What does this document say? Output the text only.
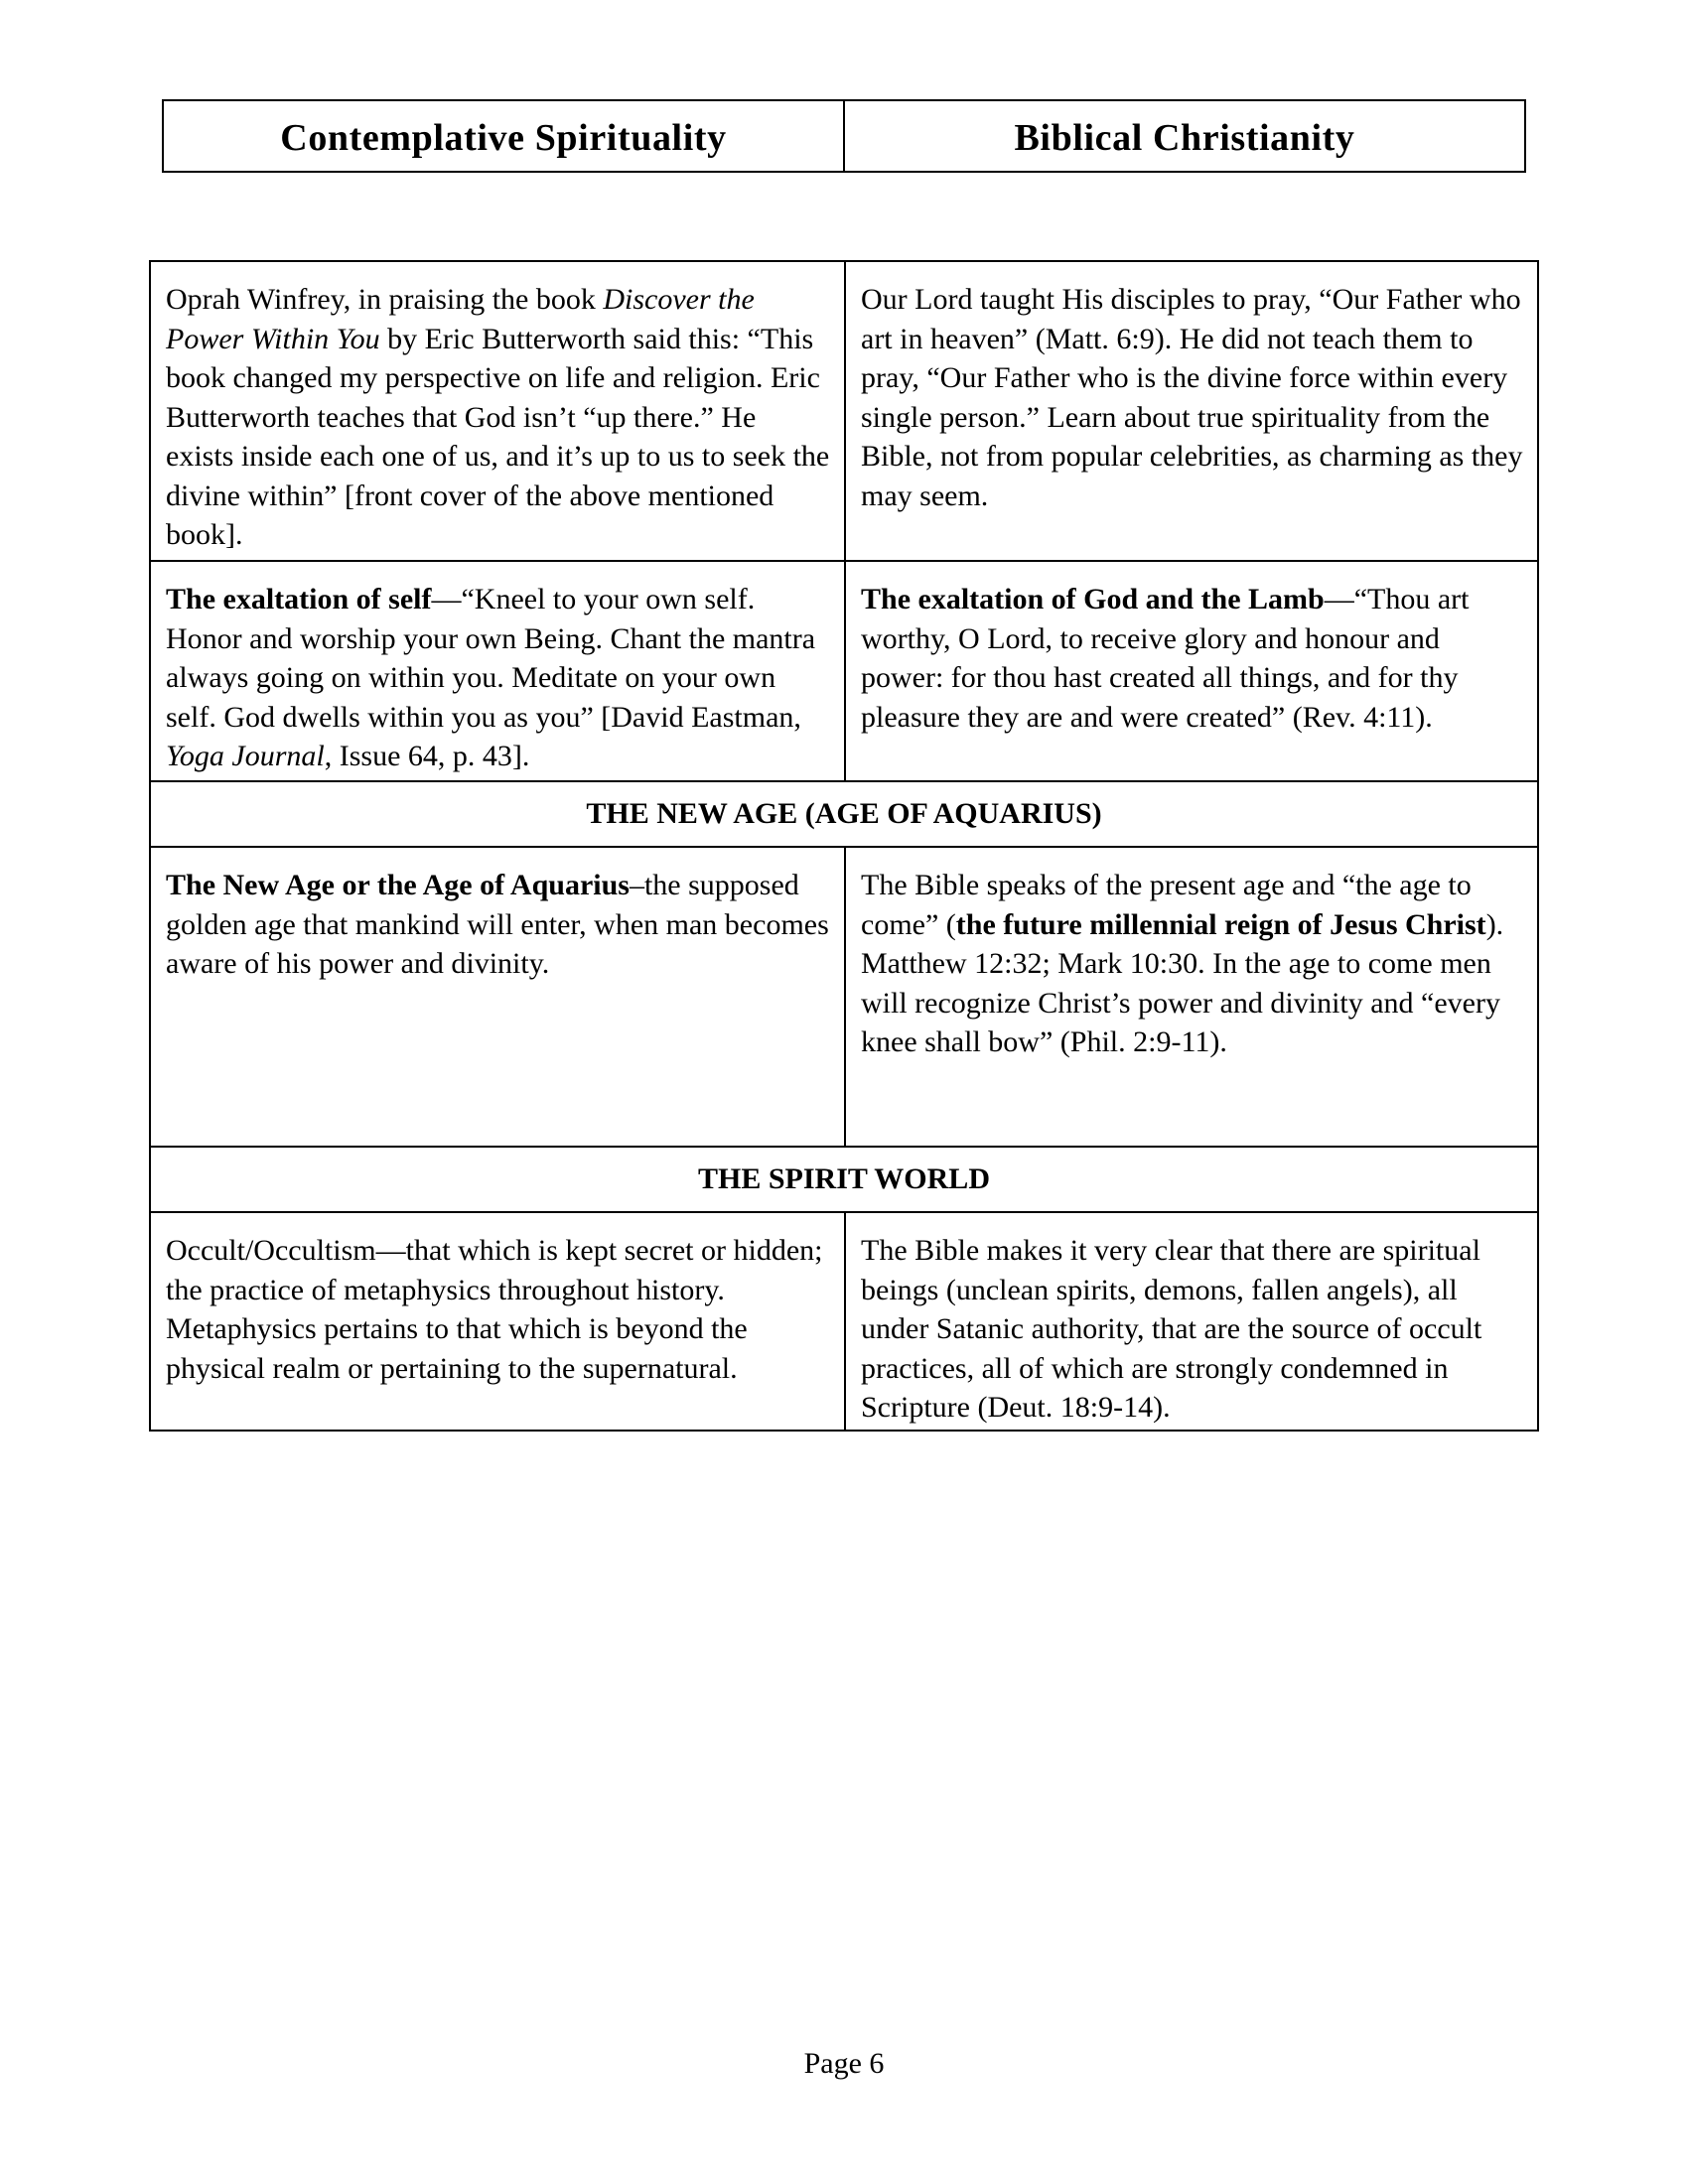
Contemplative Spirituality	Biblical Christianity
Oprah Winfrey, in praising the book Discover the Power Within You by Eric Butterworth said this: “This book changed my perspective on life and religion. Eric Butterworth teaches that God isn’t “up there.” He exists inside each one of us, and it’s up to us to seek the divine within” [front cover of the above mentioned book].
Our Lord taught His disciples to pray, “Our Father who art in heaven” (Matt. 6:9). He did not teach them to pray, “Our Father who is the divine force within every single person.” Learn about true spirituality from the Bible, not from popular celebrities, as charming as they may seem.
The exaltation of self—“Kneel to your own self. Honor and worship your own Being. Chant the mantra always going on within you. Meditate on your own self. God dwells within you as you” [David Eastman, Yoga Journal, Issue 64, p. 43].
The exaltation of God and the Lamb—“Thou art worthy, O Lord, to receive glory and honour and power: for thou hast created all things, and for thy pleasure they are and were created” (Rev. 4:11).
THE NEW AGE (AGE OF AQUARIUS)
The New Age or the Age of Aquarius–the supposed golden age that mankind will enter, when man becomes aware of his power and divinity.
The Bible speaks of the present age and “the age to come” (the future millennial reign of Jesus Christ). Matthew 12:32; Mark 10:30. In the age to come men will recognize Christ’s power and divinity and “every knee shall bow” (Phil. 2:9-11).
THE SPIRIT WORLD
Occult/Occultism—that which is kept secret or hidden; the practice of metaphysics throughout history. Metaphysics pertains to that which is beyond the physical realm or pertaining to the supernatural.
The Bible makes it very clear that there are spiritual beings (unclean spirits, demons, fallen angels), all under Satanic authority, that are the source of occult practices, all of which are strongly condemned in Scripture (Deut. 18:9-14).
Page 6
